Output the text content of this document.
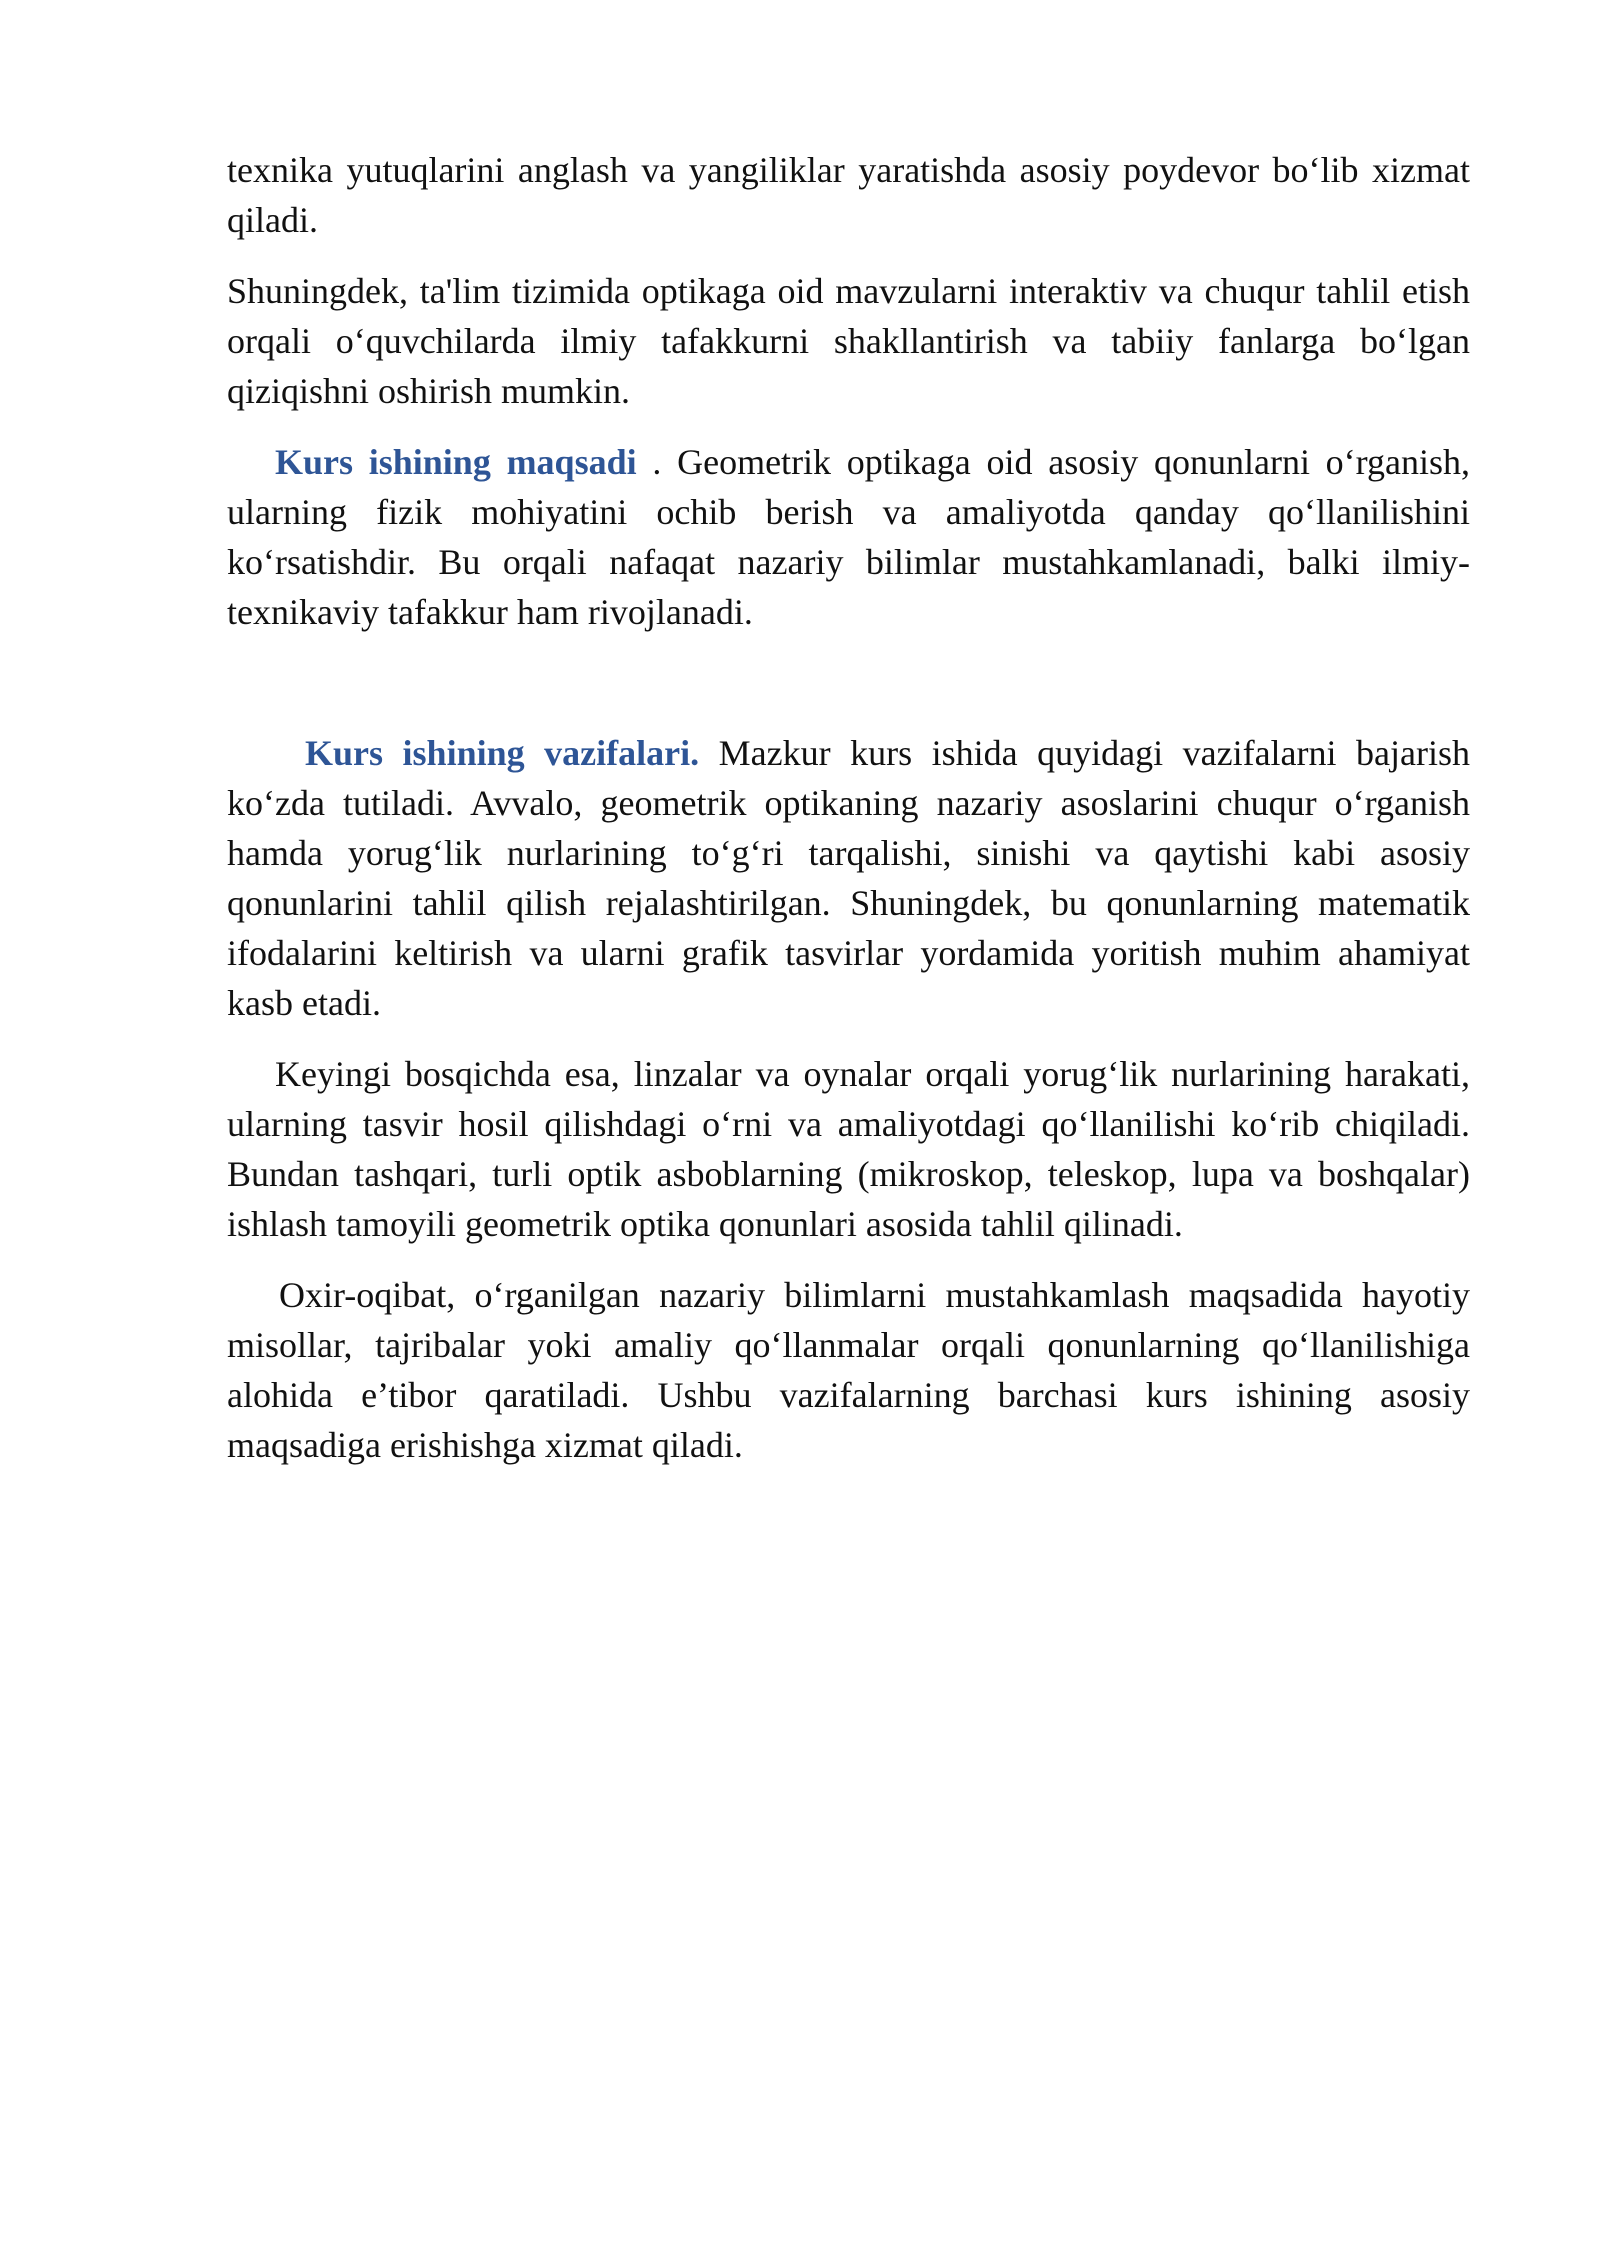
texnika yutuqlarini anglash va yangiliklar yaratishda asosiy poydevor bo‘lib xizmat qiladi.

Shuningdek, ta'lim tizimida optikaga oid mavzularni interaktiv va chuqur tahlil etish orqali o‘quvchilarda ilmiy tafakkurni shakllantirish va tabiiy fanlarga bo‘lgan qiziqishni oshirish mumkin.

Kurs ishining maqsadi . Geometrik optikaga oid asosiy qonunlarni o‘rganish, ularning fizik mohiyatini ochib berish va amaliyotda qanday qo‘llanilishini ko‘rsatishdir. Bu orqali nafaqat nazariy bilimlar mustahkamlanadi, balki ilmiy-texnikaviy tafakkur ham rivojlanadi.

Kurs ishining vazifalari. Mazkur kurs ishida quyidagi vazifalarni bajarish ko‘zda tutiladi. Avvalo, geometrik optikaning nazariy asoslarini chuqur o‘rganish hamda yorug‘lik nurlarining to‘g‘ri tarqalishi, sinishi va qaytishi kabi asosiy qonunlarini tahlil qilish rejalashtirilgan. Shuningdek, bu qonunlarning matematik ifodalarini keltirish va ularni grafik tasvirlar yordamida yoritish muhim ahamiyat kasb etadi.

Keyingi bosqichda esa, linzalar va oynalar orqali yorug‘lik nurlarining harakati, ularning tasvir hosil qilishdagi o‘rni va amaliyotdagi qo‘llanilishi ko‘rib chiqiladi. Bundan tashqari, turli optik asboblarning (mikroskop, teleskop, lupa va boshqalar) ishlash tamoyili geometrik optika qonunlari asosida tahlil qilinadi.

Oxir-oqibat, o‘rganilgan nazariy bilimlarni mustahkamlash maqsadida hayotiy misollar, tajribalar yoki amaliy qo‘llanmalar orqali qonunlarning qo‘llanilishiga alohida e’tibor qaratiladi. Ushbu vazifalarning barchasi kurs ishining asosiy maqsadiga erishishga xizmat qiladi.
